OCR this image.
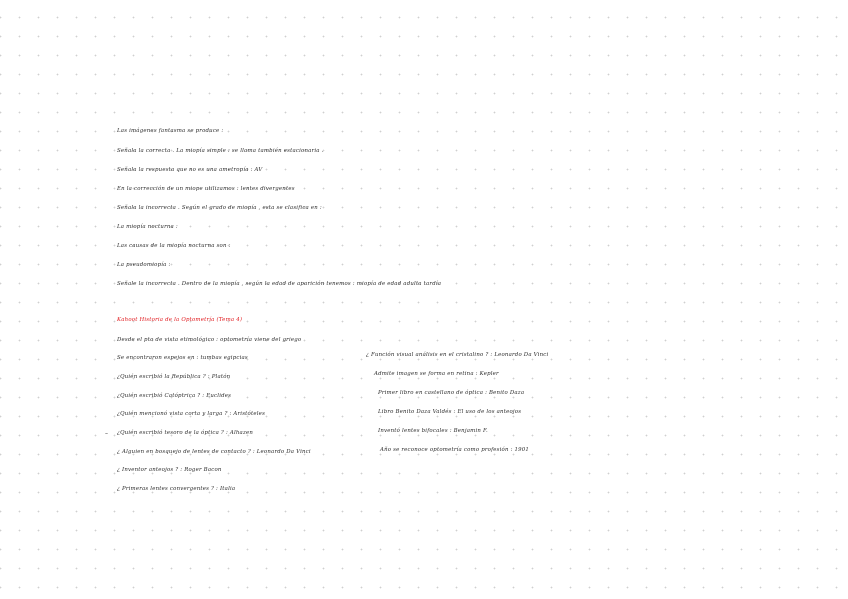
Las imágenes fantasma se produce :
Señala la correcta . La miopía simple : se llama también estacionaria .
Señala la respuesta que no es una ametropía : AV
En la corrección de un miope utilizamos : lentes divergentes
Señala la incorrecta . Según el grado de miopía , esta se clasifica en :
La miopía nocturna :
Las causas de la miopía nocturna son :
La pseudomiopía :
Señale la incorrecta . Dentro de la miopía , según la edad de aparición tenemos : miopía de edad adulta tardía
Kahoot Historia de la Optometría (Tema 4)
Desde el pto de vista etimológico : optometría viene del griego
Se encontraron espejos en : tumbas egipcias
¿Quién escribió la República ? : Platón
¿Quién escribió Catóptrica ? : Euclides
¿Quién mencionó vista corta y larga ? : Aristóteles
– ¿Quién escribió tesoro de la óptica ? : Alhazen
¿ Alguien en bosquejo de lentes de contacto ? : Leonardo Da Vinci
¿ Inventor anteojos ? : Roger Bacon
¿ Primeras lentes convergentes ? : Italia
¿ Función visual análisis en el cristalino ? : Leonardo Da Vinci
Admite imagen se forma en retina : Kepler
Primer libro en castellano de óptica : Benito Daza
Libro Benito Daza Valdés : El uso de los anteojos
Inventó lentes bifocales : Benjamin F.
Año se reconoce optometría como profesión : 1901
